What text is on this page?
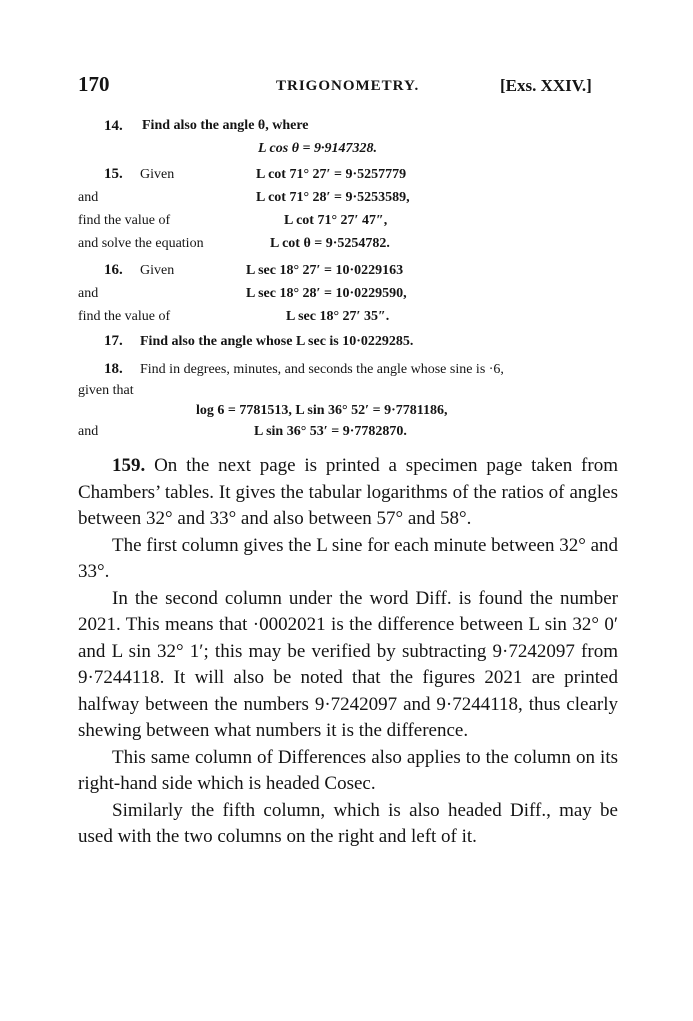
170	TRIGONOMETRY.	[Exs. XXIV.]
14. Find also the angle θ, where
L cos θ = 9·9147328.
15. Given	L cot 71° 27′ = 9·5257779
and	L cot 71° 28′ = 9·5253589,
find the value of	L cot 71° 27′ 47″,
and solve the equation	L cot θ = 9·5254782.
16. Given	L sec 18° 27′ = 10·0229163
and	L sec 18° 28′ = 10·0229590,
find the value of	L sec 18° 27′ 35″.
17. Find also the angle whose L sec is 10·0229285.
18. Find in degrees, minutes, and seconds the angle whose sine is ·6,
given that
log 6 = 7781513, L sin 36° 52′ = 9·7781186,
and	L sin 36° 53′ = 9·7782870.

159. On the next page is printed a specimen page taken from Chambers’ tables. It gives the tabular logarithms of the ratios of angles between 32° and 33° and also between 57° and 58°.

The first column gives the L sine for each minute between 32° and 33°.

In the second column under the word Diff. is found the number 2021. This means that ·0002021 is the difference between L sin 32° 0′ and L sin 32° 1′; this may be verified by subtracting 9·7242097 from 9·7244118. It will also be noted that the figures 2021 are printed halfway between the numbers 9·7242097 and 9·7244118, thus clearly shewing between what numbers it is the difference.

This same column of Differences also applies to the column on its right-hand side which is headed Cosec.

Similarly the fifth column, which is also headed Diff., may be used with the two columns on the right and left of it.
